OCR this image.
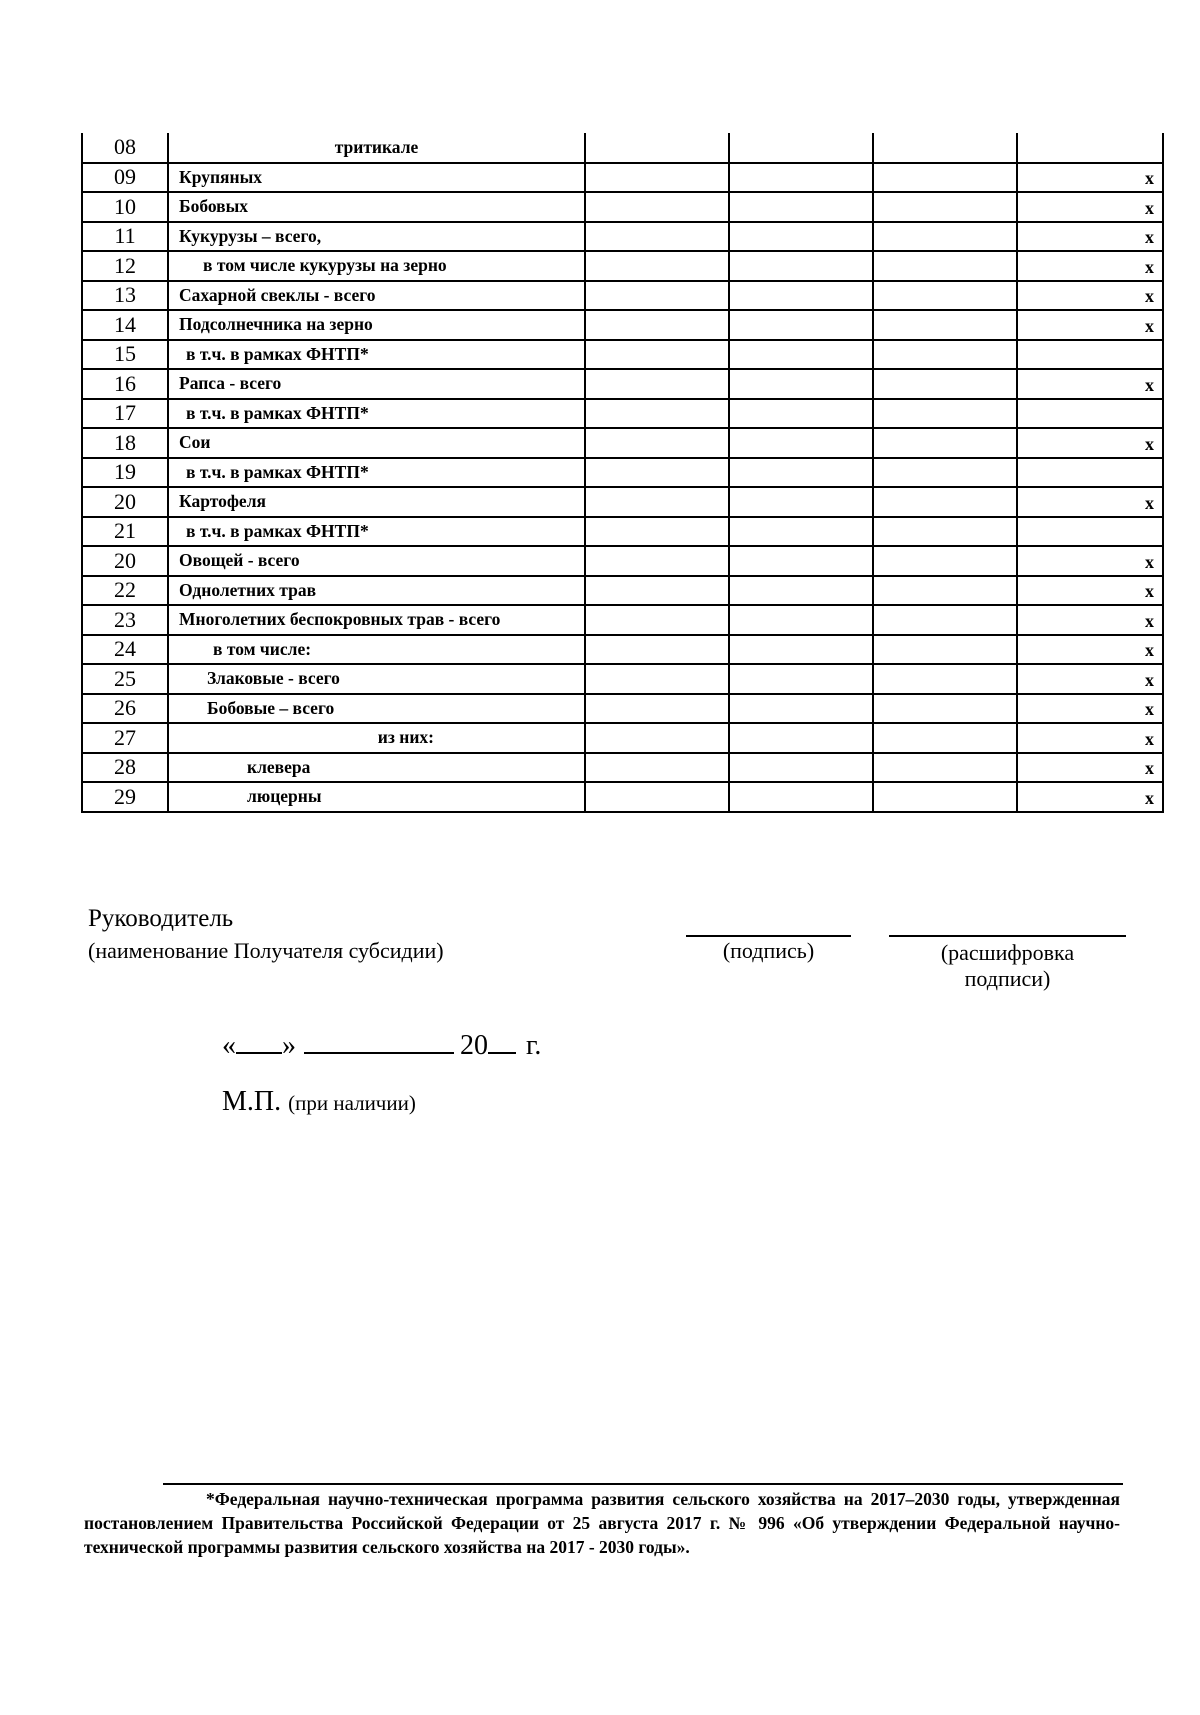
08	тритикале				
09	Крупяных				х
10	Бобовых				х
11	Кукурузы – всего,				х
12	в том числе кукурузы на зерно				х
13	Сахарной свеклы - всего				х
14	Подсолнечника на зерно				х
15	в т.ч. в рамках ФНТП*				
16	Рапса - всего				х
17	в т.ч. в рамках ФНТП*				
18	Сои				х
19	в т.ч. в рамках ФНТП*				
20	Картофеля				х
21	в т.ч. в рамках ФНТП*				
20	Овощей - всего				х
22	Однолетних трав				х
23	Многолетних беспокровных трав - всего				х
24	в том числе:				х
25	Злаковые - всего				х
26	Бобовые – всего				х
27	из них:				х
28	клевера				х
29	люцерны				х
Руководитель
(наименование Получателя субсидии)	(подпись)	(расшифровка
подписи)
« »	20 г.
М.П. (при наличии)
*Федеральная научно-техническая программа развития сельского хозяйства на 2017–2030 годы, утвержденная постановлением Правительства Российской Федерации от 25 августа 2017 г. № 996 «Об утверждении Федеральной научно-технической программы развития сельского хозяйства на 2017 - 2030 годы».
